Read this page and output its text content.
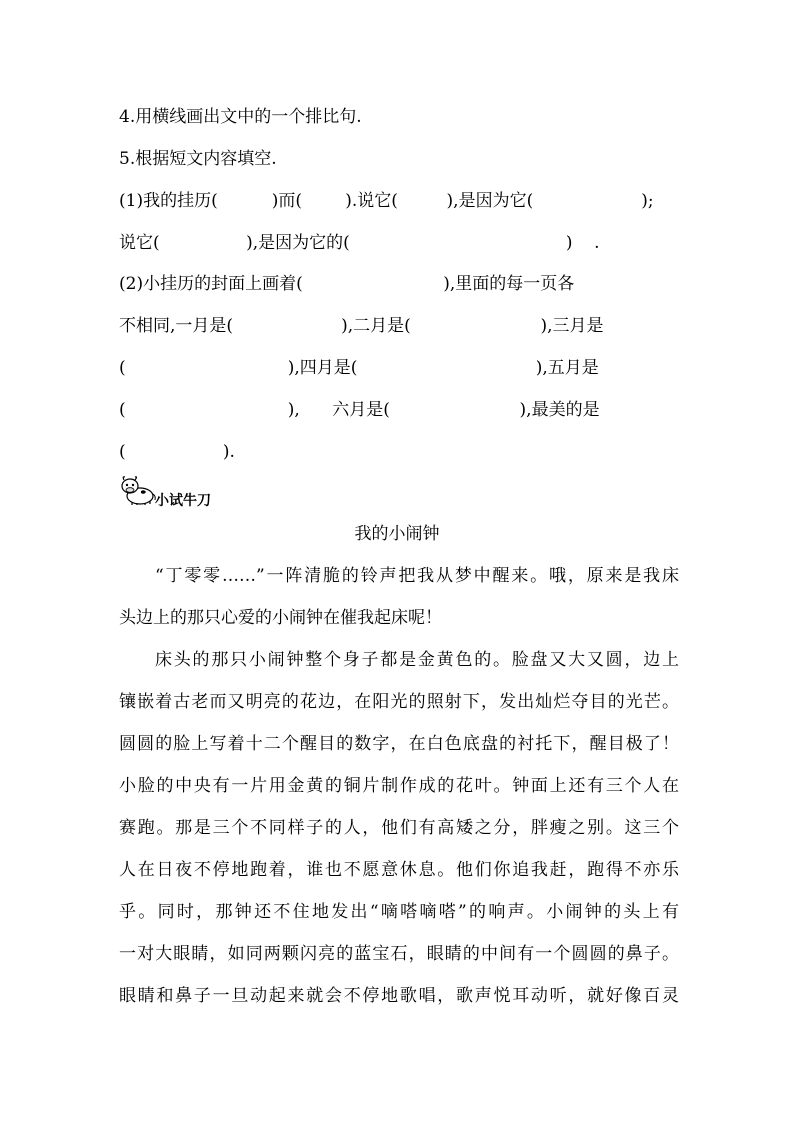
4.用横线画出文中的一个排比句.
5.根据短文内容填空.
(1)我的挂历(          )而(        ).说它(         ),是因为它(                    );
说它(                ),是因为它的(                                        )    .
(2)小挂历的封面上画着(                          ),里面的每一页各
不相同,一月是(                    ),二月是(                        ),三月是
(                              ),四月是(                                 ),五月是
(                              ),      六月是(                        ),最美的是
(                  ).
小试牛刀
我的小闹钟
“丁零零……”一阵清脆的铃声把我从梦中醒来。哦，原来是我床
头边上的那只心爱的小闹钟在催我起床呢！
床头的那只小闹钟整个身子都是金黄色的。脸盘又大又圆，边上
镶嵌着古老而又明亮的花边，在阳光的照射下，发出灿烂夺目的光芒。
圆圆的脸上写着十二个醒目的数字，在白色底盘的衬托下，醒目极了！
小脸的中央有一片用金黄的铜片制作成的花叶。钟面上还有三个人在
赛跑。那是三个不同样子的人，他们有高矮之分，胖瘦之别。这三个
人在日夜不停地跑着，谁也不愿意休息。他们你追我赶，跑得不亦乐
乎。同时，那钟还不住地发出“嘀嗒嘀嗒”的响声。小闹钟的头上有
一对大眼睛，如同两颗闪亮的蓝宝石，眼睛的中间有一个圆圆的鼻子。
眼睛和鼻子一旦动起来就会不停地歌唱，歌声悦耳动听，就好像百灵
